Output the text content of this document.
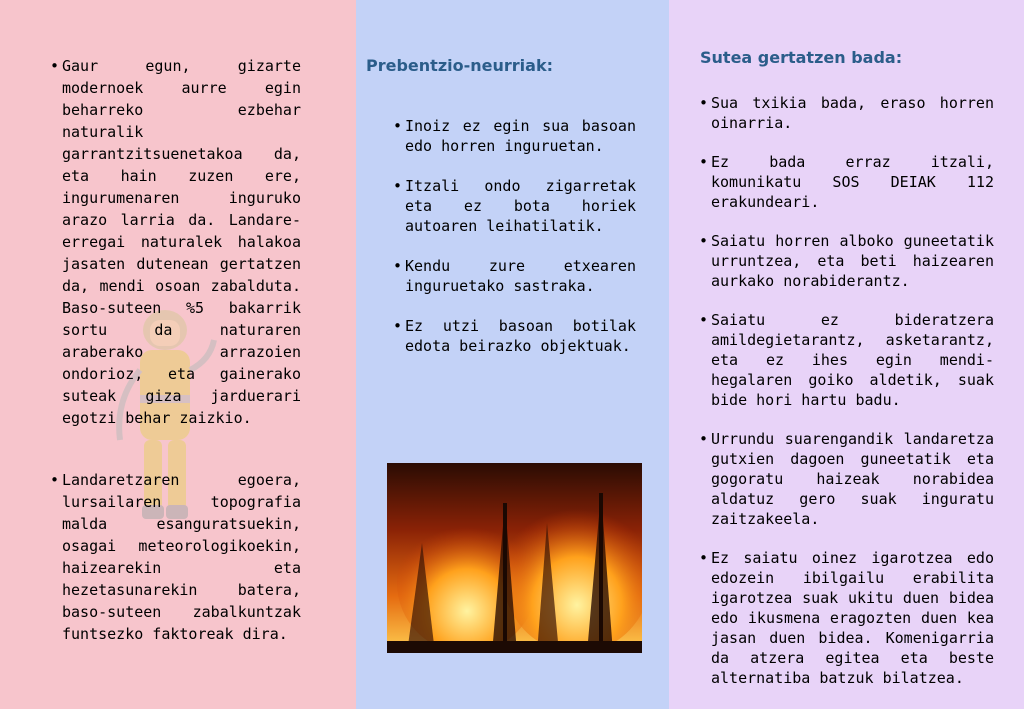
• Gaur egun, gizarte modernoek aurre egin beharreko ezbehar naturalik garrantzitsuenetakoa da, eta hain zuzen ere, ingurumenaren inguruko arazo larria da. Landare-erregai naturalek halakoa jasaten dutenean gertatzen da, mendi osoan zabalduta. Baso-suteen %5 bakarrik sortu da naturaren araberako arrazoien ondorioz, eta gainerako suteak giza jarduerari egotzi behar zaizkio.
• Landaretzaren egoera, lursailaren topografia malda esanguratsuekin, osagai meteorologikoekin, haizearekin eta hezetasunarekin batera, baso-suteen zabalkuntzak funtsezko faktoreak dira.
Prebentzio-neurriak:
• Inoiz ez egin sua basoan edo horren inguruetan.
• Itzali ondo zigarretak eta ez bota horiek autoaren leihatilatik.
• Kendu zure etxearen inguruetako sastraka.
• Ez utzi basoan botilak edota beirazko objektuak.
Sutea gertatzen bada:
• Sua txikia bada, eraso horren oinarria.
• Ez bada erraz itzali, komunikatu SOS DEIAK 112 erakundeari.
• Saiatu horren alboko guneetatik urruntzea, eta beti haizearen aurkako norabiderantz.
• Saiatu ez bideratzera amildegietarantz, asketarantz, eta ez ihes egin mendi-hegalaren goiko aldetik, suak bide hori hartu badu.
• Urrundu suarengandik landaretza gutxien dagoen guneetatik eta gogoratu haizeak norabidea aldatuz gero suak inguratu zaitzakeela.
• Ez saiatu oinez igarotzea edo edozein ibilgailu erabilita igarotzea suak ukitu duen bidea edo ikusmena eragozten duen kea jasan duen bidea. Komenigarria da atzera egitea eta beste alternatiba batzuk bilatzea.
